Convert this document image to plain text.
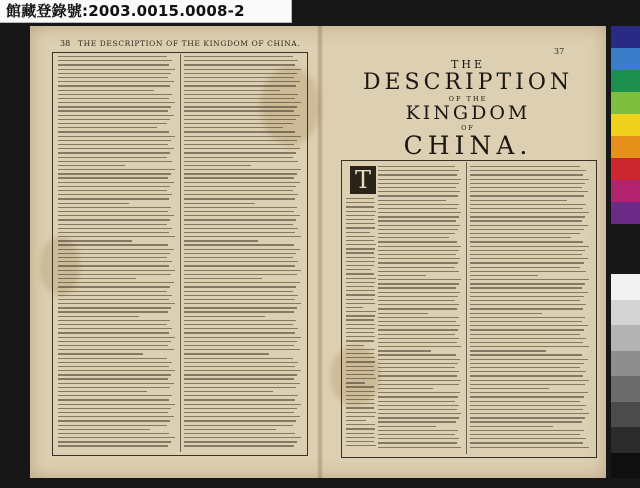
館藏登錄號:2003.0015.0008-2
38 THE DESCRIPTION OF THE KINGDOM OF CHINA.
37
THE
DESCRIPTION
OF THE
KINGDOM
OF
CHINA.
T
